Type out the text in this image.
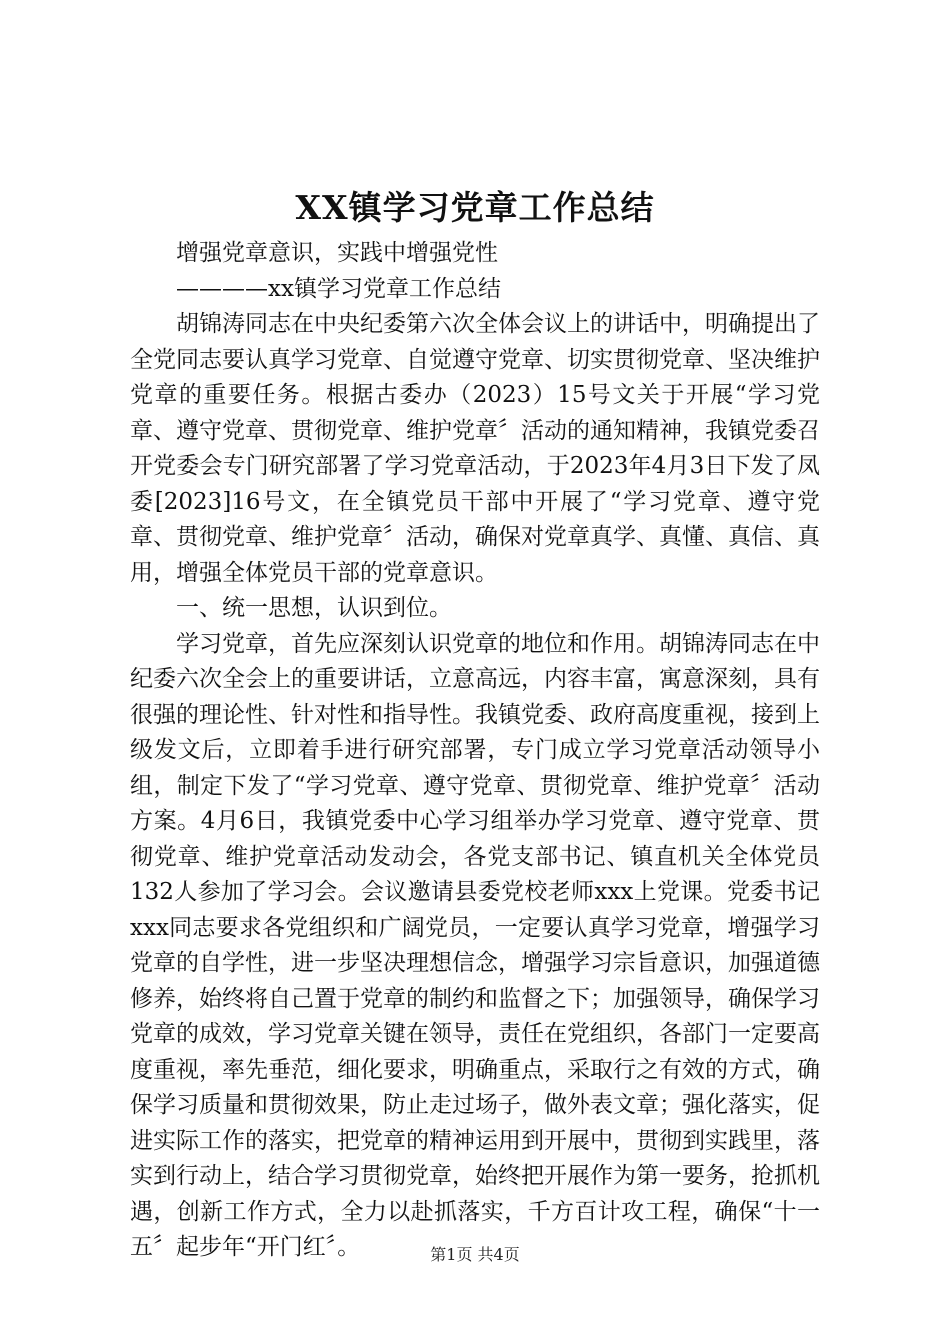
XX镇学习党章工作总结

增强党章意识，实践中增强党性

————xx镇学习党章工作总结

胡锦涛同志在中央纪委第六次全体会议上的讲话中，明确提出了全党同志要认真学习党章、自觉遵守党章、切实贯彻党章、坚决维护党章的重要任务。根据古委办（2023）15号文关于开展“学习党章、遵守党章、贯彻党章、维护党章〞活动的通知精神，我镇党委召开党委会专门研究部署了学习党章活动，于2023年4月3日下发了凤委[2023]16号文，在全镇党员干部中开展了“学习党章、遵守党章、贯彻党章、维护党章〞活动，确保对党章真学、真懂、真信、真用，增强全体党员干部的党章意识。

一、统一思想，认识到位。

学习党章，首先应深刻认识党章的地位和作用。胡锦涛同志在中纪委六次全会上的重要讲话，立意高远，内容丰富，寓意深刻，具有很强的理论性、针对性和指导性。我镇党委、政府高度重视，接到上级发文后，立即着手进行研究部署，专门成立学习党章活动领导小组，制定下发了“学习党章、遵守党章、贯彻党章、维护党章〞活动方案。4月6日，我镇党委中心学习组举办学习党章、遵守党章、贯彻党章、维护党章活动发动会，各党支部书记、镇直机关全体党员132人参加了学习会。会议邀请县委党校老师xxx上党课。党委书记xxx同志要求各党组织和广阔党员，一定要认真学习党章，增强学习党章的自学性，进一步坚决理想信念，增强学习宗旨意识，加强道德修养，始终将自己置于党章的制约和监督之下；加强领导，确保学习党章的成效，学习党章关键在领导，责任在党组织，各部门一定要高度重视，率先垂范，细化要求，明确重点，采取行之有效的方式，确保学习质量和贯彻效果，防止走过场子，做外表文章；强化落实，促进实际工作的落实，把党章的精神运用到开展中，贯彻到实践里，落实到行动上，结合学习贯彻党章，始终把开展作为第一要务，抢抓机遇，创新工作方式，全力以赴抓落实，千方百计攻工程，确保“十一五〞起步年“开门红〞。	第1页 共4页
